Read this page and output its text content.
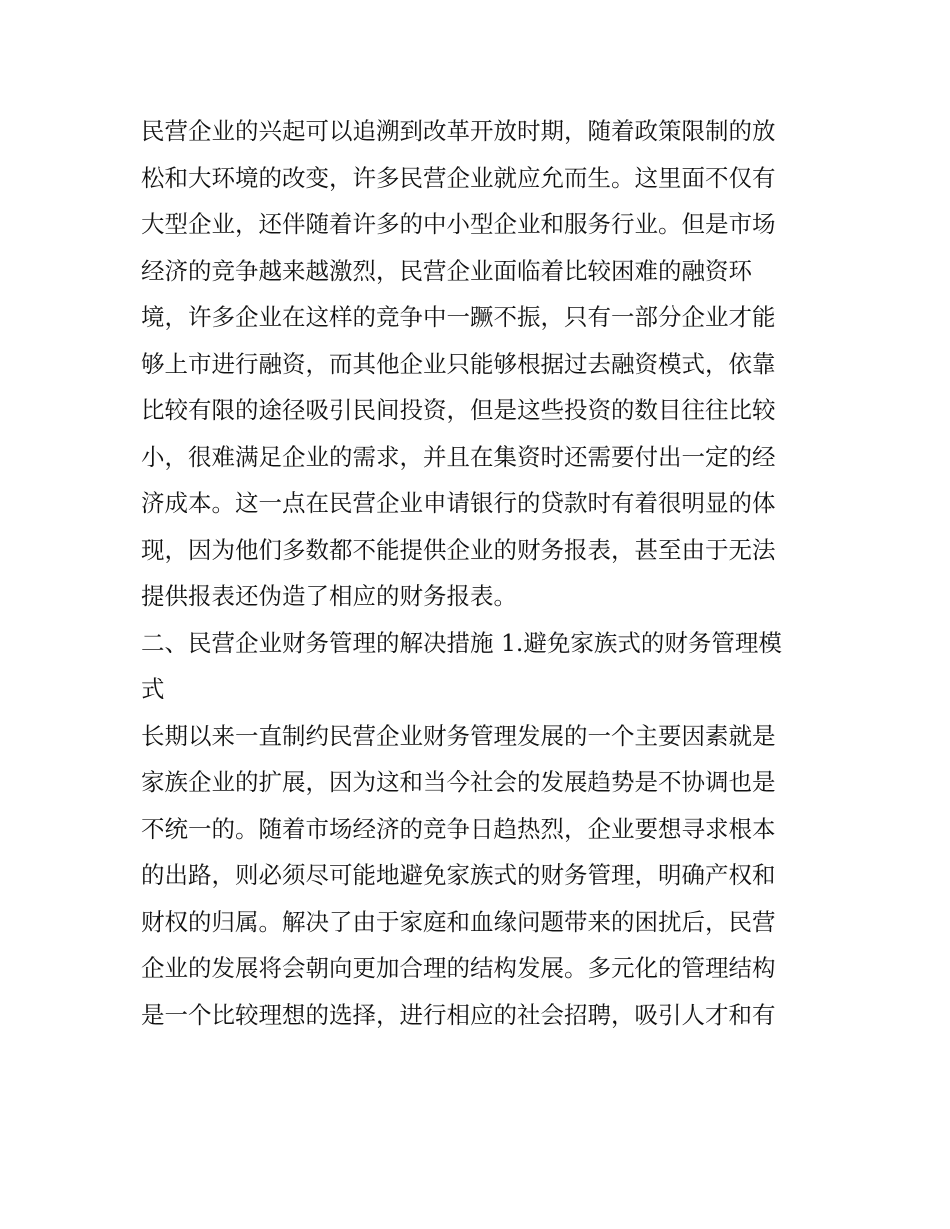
民营企业的兴起可以追溯到改革开放时期，随着政策限制的放
松和大环境的改变，许多民营企业就应允而生。这里面不仅有
大型企业，还伴随着许多的中小型企业和服务行业。但是市场
经济的竞争越来越激烈，民营企业面临着比较困难的融资环
境，许多企业在这样的竞争中一蹶不振，只有一部分企业才能
够上市进行融资，而其他企业只能够根据过去融资模式，依靠
比较有限的途径吸引民间投资，但是这些投资的数目往往比较
小，很难满足企业的需求，并且在集资时还需要付出一定的经
济成本。这一点在民营企业申请银行的贷款时有着很明显的体
现，因为他们多数都不能提供企业的财务报表，甚至由于无法
提供报表还伪造了相应的财务报表。
二、民营企业财务管理的解决措施 1.避免家族式的财务管理模
式
长期以来一直制约民营企业财务管理发展的一个主要因素就是
家族企业的扩展，因为这和当今社会的发展趋势是不协调也是
不统一的。随着市场经济的竞争日趋热烈，企业要想寻求根本
的出路，则必须尽可能地避免家族式的财务管理，明确产权和
财权的归属。解决了由于家庭和血缘问题带来的困扰后，民营
企业的发展将会朝向更加合理的结构发展。多元化的管理结构
是一个比较理想的选择，进行相应的社会招聘，吸引人才和有
